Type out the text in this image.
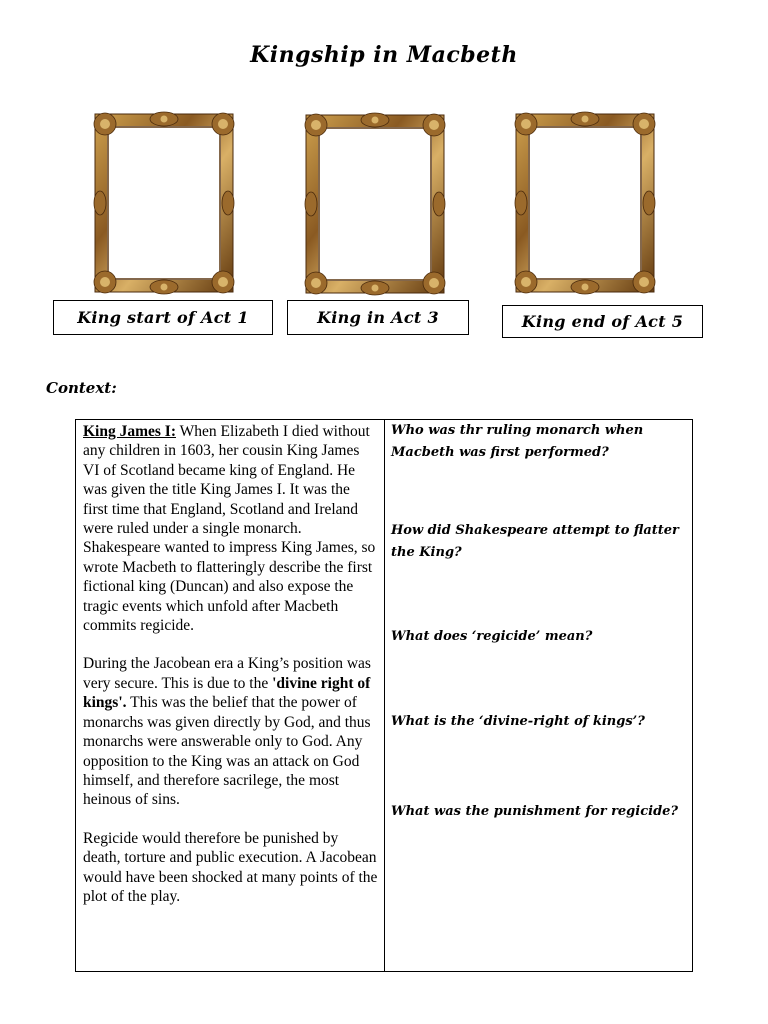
Kingship in Macbeth
King start of Act 1	King in Act 3	King end of Act 5
Context:

King James I: When Elizabeth I died without any children in 1603, her cousin King James VI of Scotland became king of England. He was given the title King James I. It was the first time that England, Scotland and Ireland were ruled under a single monarch. Shakespeare wanted to impress King James, so wrote Macbeth to flatteringly describe the first fictional king (Duncan) and also expose the tragic events which unfold after Macbeth commits regicide.

During the Jacobean era a King’s position was very secure. This is due to the 'divine right of kings'. This was the belief that the power of monarchs was given directly by God, and thus monarchs were answerable only to God. Any opposition to the King was an attack on God himself, and therefore sacrilege, the most heinous of sins.

Regicide would therefore be punished by death, torture and public execution. A Jacobean would have been shocked at many points of the plot of the play.

Who was thr ruling monarch when Macbeth was first performed?
How did Shakespeare attempt to flatter the King?
What does ‘regicide’ mean?
What is the ‘divine-right of kings’?
What was the punishment for regicide?
